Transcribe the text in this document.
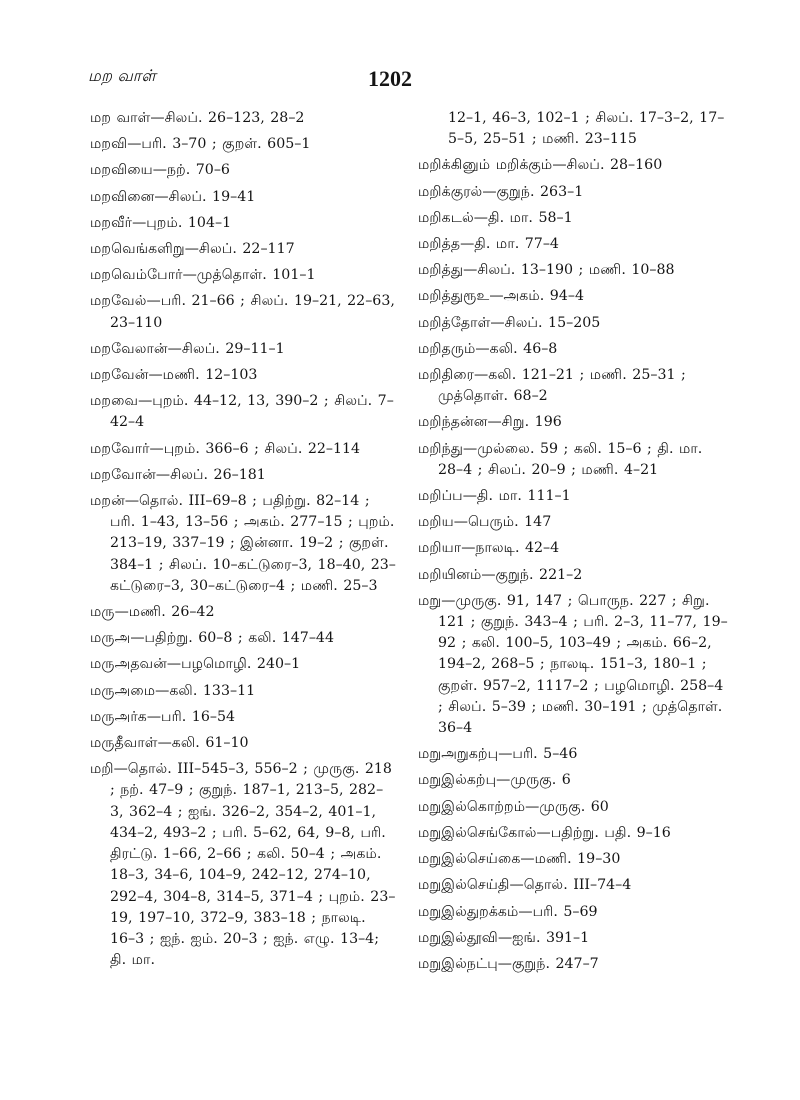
மற வாள்	1202
மற வாள்—சிலப். 26–123, 28–2
மறவி—பரி. 3–70 ; குறள். 605–1
மறவியை—நற். 70–6
மறவினை—சிலப். 19–41
மறவீர்—புறம். 104–1
மறவெங்களிறு—சிலப். 22–117
மறவெம்போர்—முத்தொள். 101–1
மறவேல்—பரி. 21–66 ; சிலப். 19–21, 22–63, 23–110
மறவேலான்—சிலப். 29–11–1
மறவேன்—மணி. 12–103
மறவை—புறம். 44–12, 13, 390–2 ; சிலப். 7–42–4
மறவோர்—புறம். 366–6 ; சிலப். 22–114
மறவோன்—சிலப். 26–181
மறன்—தொல். III–69–8 ; பதிற்று. 82–14 ; பரி. 1–43, 13–56 ; அகம். 277–15 ; புறம். 213–19, 337–19 ; இன்னா. 19–2 ; குறள். 384–1 ; சிலப். 10–கட்டுரை–3, 18–40, 23–கட்டுரை–3, 30–கட்டுரை–4 ; மணி. 25–3
மரு—மணி. 26–42
மருஅ—பதிற்று. 60–8 ; கலி. 147–44
மருஅதவன்—பழமொழி. 240–1
மருஅமை—கலி. 133–11
மருஅர்க—பரி. 16–54
மருதீவாள்—கலி. 61–10
மறி—தொல். III–545–3, 556–2 ; முருகு. 218 ; நற். 47–9 ; குறுந். 187–1, 213–5, 282–3, 362–4 ; ஐங். 326–2, 354–2, 401–1, 434–2, 493–2 ; பரி. 5–62, 64, 9–8, பரி. திரட்டு. 1–66, 2–66 ; கலி. 50–4 ; அகம். 18–3, 34–6, 104–9, 242–12, 274–10, 292–4, 304–8, 314–5, 371–4 ; புறம். 23–19, 197–10, 372–9, 383–18 ; நாலடி. 16–3 ; ஐந். ஐம். 20–3 ; ஐந். எழு. 13–4; தி. மா.
12–1, 46–3, 102–1 ; சிலப். 17–3–2, 17–5–5, 25–51 ; மணி. 23–115
மறிக்கினும் மறிக்கும்—சிலப். 28–160
மறிக்குரல்—குறுந். 263–1
மறிகடல்—தி. மா. 58–1
மறித்த—தி. மா. 77–4
மறித்து—சிலப். 13–190 ; மணி. 10–88
மறித்துரூஉ—அகம். 94–4
மறித்தோள்—சிலப். 15–205
மறிதரும்—கலி. 46–8
மறிதிரை—கலி. 121–21 ; மணி. 25–31 ; முத்தொள். 68–2
மறிந்தன்ன—சிறு. 196
மறிந்து—முல்லை. 59 ; கலி. 15–6 ; தி. மா. 28–4 ; சிலப். 20–9 ; மணி. 4–21
மறிப்ப—தி. மா. 111–1
மறிய—பெரும். 147
மறியா—நாலடி. 42–4
மறியினம்—குறுந். 221–2
மறு—முருகு. 91, 147 ; பொருந. 227 ; சிறு. 121 ; குறுந். 343–4 ; பரி. 2–3, 11–77, 19–92 ; கலி. 100–5, 103–49 ; அகம். 66–2, 194–2, 268–5 ; நாலடி. 151–3, 180–1 ; குறள். 957–2, 1117–2 ; பழமொழி. 258–4 ; சிலப். 5–39 ; மணி. 30–191 ; முத்தொள். 36–4
மறுஅறுகற்பு—பரி. 5–46
மறுஇல்கற்பு—முருகு. 6
மறுஇல்கொற்றம்—முருகு. 60
மறுஇல்செங்கோல்—பதிற்று. பதி. 9–16
மறுஇல்செய்கை—மணி. 19–30
மறுஇல்செய்தி—தொல். III–74–4
மறுஇல்துறக்கம்—பரி. 5–69
மறுஇல்தூவி—ஐங். 391–1
மறுஇல்நட்பு—குறுந். 247–7
